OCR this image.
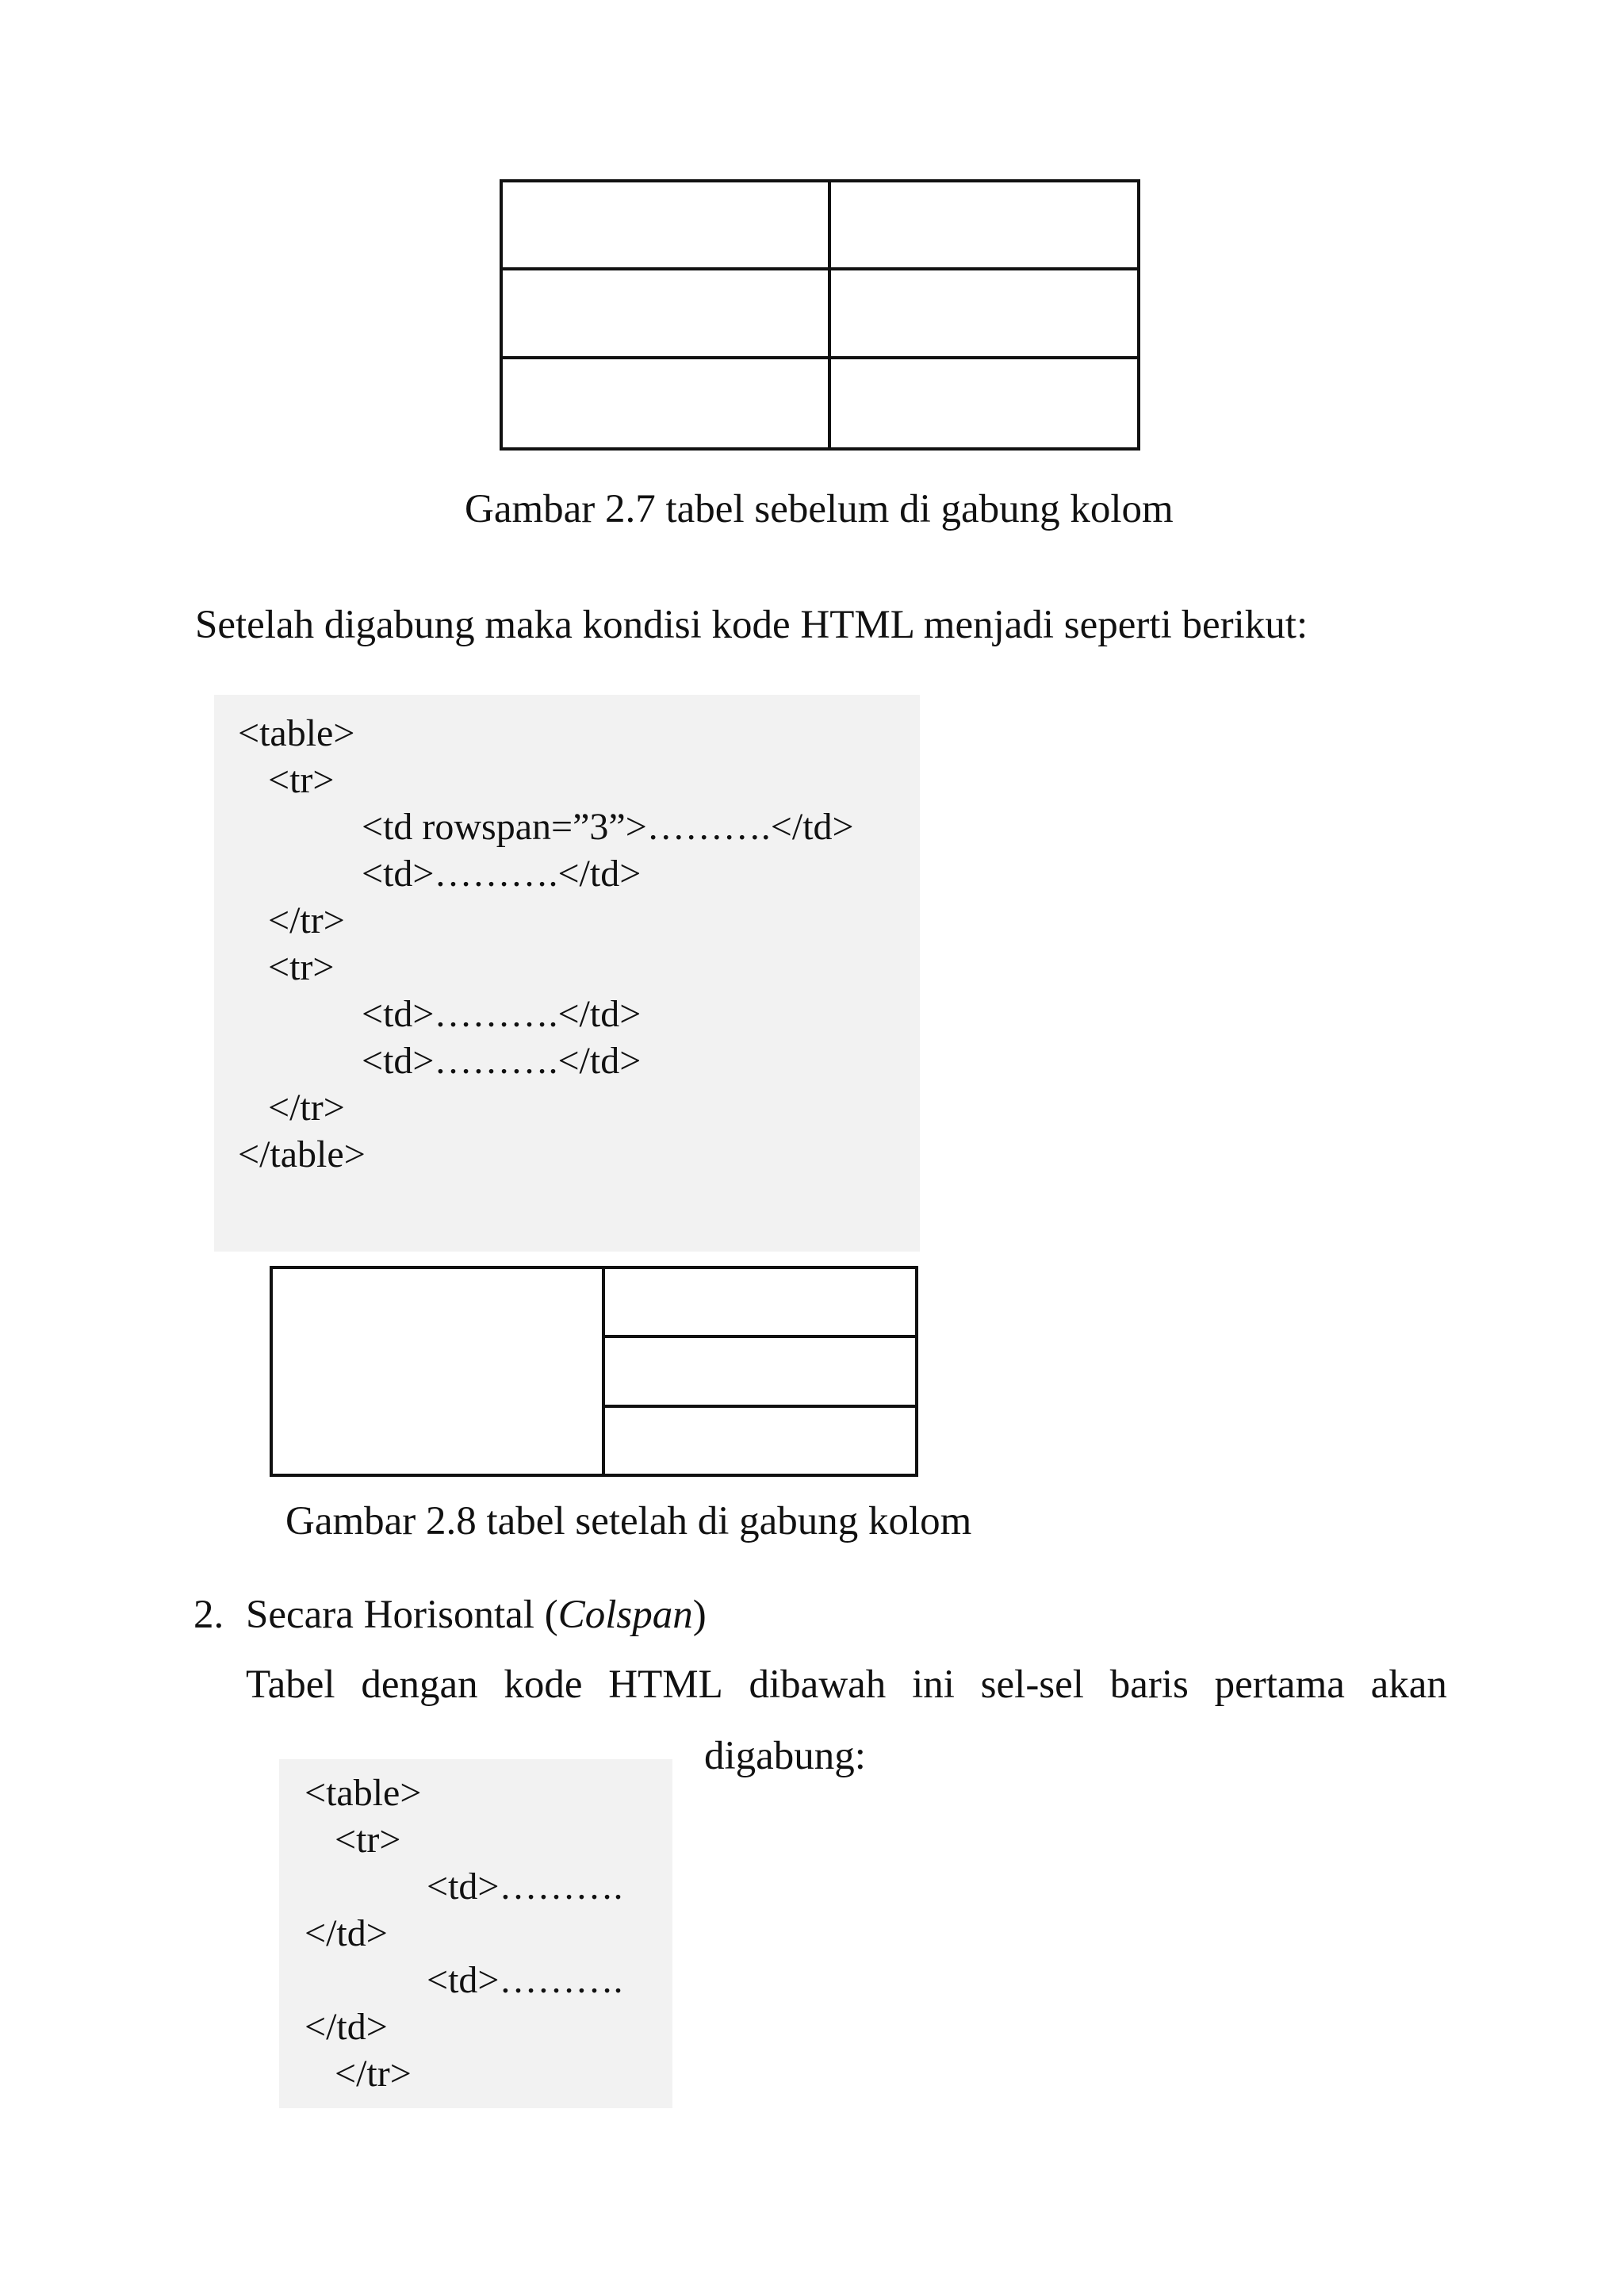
Gambar 2.7 tabel sebelum di gabung kolom
Setelah digabung maka kondisi kode HTML menjadi seperti berikut:
<table>
<tr>
<td rowspan=”3”>……….</td>
<td>……….</td>
</tr>
<tr>
<td>……….</td>
<td>……….</td>
</tr>
</table>
Gambar 2.8 tabel setelah di gabung kolom
2. Secara Horisontal (Colspan)
Tabel dengan kode HTML dibawah ini sel-sel baris pertama akan
digabung:
<table>
<tr>
<td>……….
</td>
<td>……….
</td>
</tr>
